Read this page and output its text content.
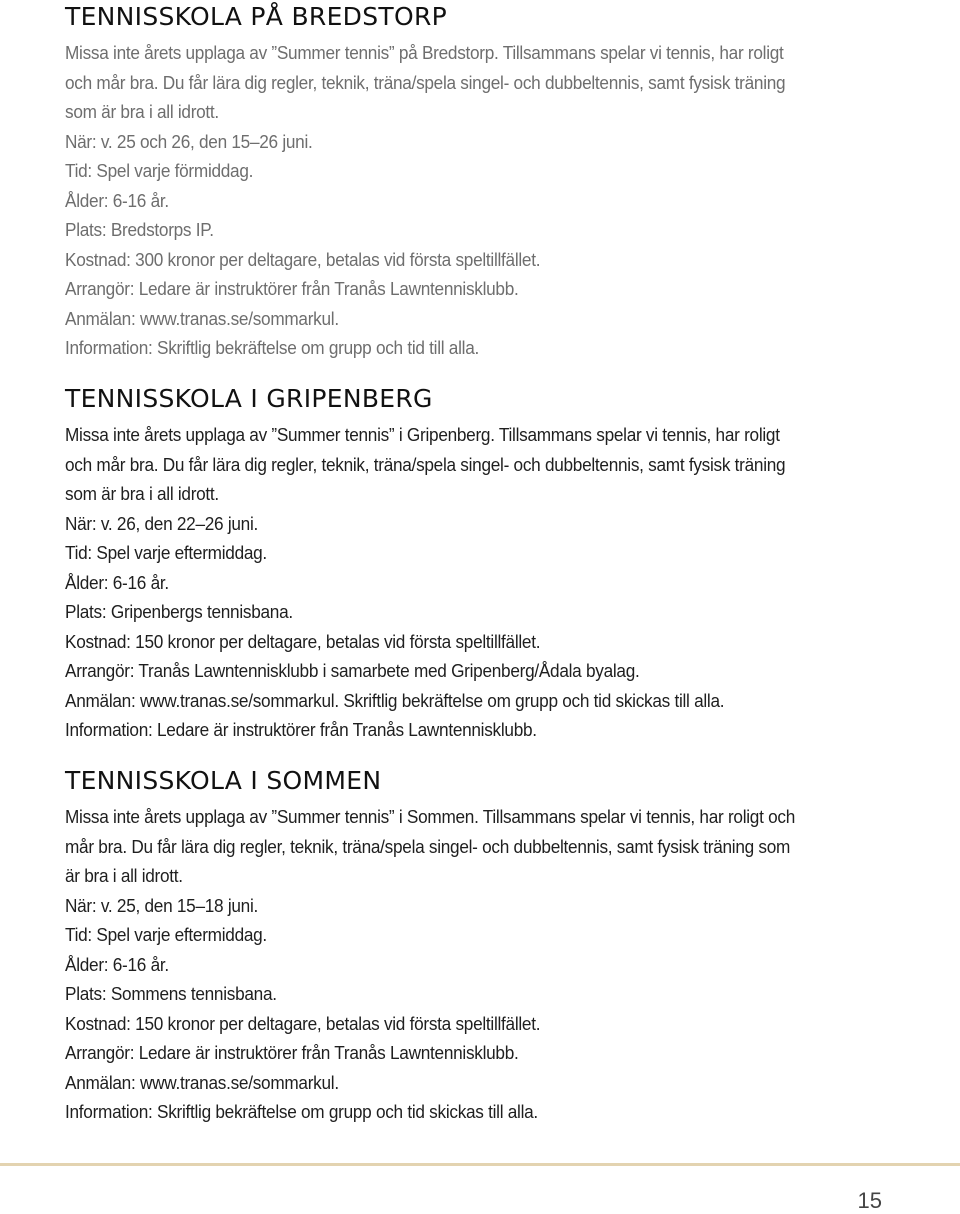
TENNISSKOLA PÅ BREDSTORP
Missa inte årets upplaga av ”Summer tennis” på Bredstorp. Tillsammans spelar vi tennis, har roligt
och mår bra. Du får lära dig regler, teknik, träna/spela singel- och dubbeltennis, samt fysisk träning
som är bra i all idrott.
När: v. 25 och 26, den 15–26 juni.
Tid: Spel varje förmiddag.
Ålder: 6-16 år.
Plats: Bredstorps IP.
Kostnad: 300 kronor per deltagare, betalas vid första speltillfället.
Arrangör: Ledare är instruktörer från Tranås Lawntennisklubb.
Anmälan: www.tranas.se/sommarkul.
Information: Skriftlig bekräftelse om grupp och tid till alla.
TENNISSKOLA I GRIPENBERG
Missa inte årets upplaga av ”Summer tennis” i Gripenberg. Tillsammans spelar vi tennis, har roligt
och mår bra. Du får lära dig regler, teknik, träna/spela singel- och dubbeltennis, samt fysisk träning
som är bra i all idrott.
När: v. 26, den 22–26 juni.
Tid: Spel varje eftermiddag.
Ålder: 6-16 år.
Plats: Gripenbergs tennisbana.
Kostnad: 150 kronor per deltagare, betalas vid första speltillfället.
Arrangör: Tranås Lawntennisklubb i samarbete med Gripenberg/Ådala byalag.
Anmälan: www.tranas.se/sommarkul. Skriftlig bekräftelse om grupp och tid skickas till alla.
Information: Ledare är instruktörer från Tranås Lawntennisklubb.
TENNISSKOLA I SOMMEN
Missa inte årets upplaga av ”Summer tennis” i Sommen. Tillsammans spelar vi tennis, har roligt och
mår bra. Du får lära dig regler, teknik, träna/spela singel- och dubbeltennis, samt fysisk träning som
är bra i all idrott.
När: v. 25, den 15–18 juni.
Tid: Spel varje eftermiddag.
Ålder: 6-16 år.
Plats: Sommens tennisbana.
Kostnad: 150 kronor per deltagare, betalas vid första speltillfället.
Arrangör: Ledare är instruktörer från Tranås Lawntennisklubb.
Anmälan: www.tranas.se/sommarkul.
Information: Skriftlig bekräftelse om grupp och tid skickas till alla.
15
